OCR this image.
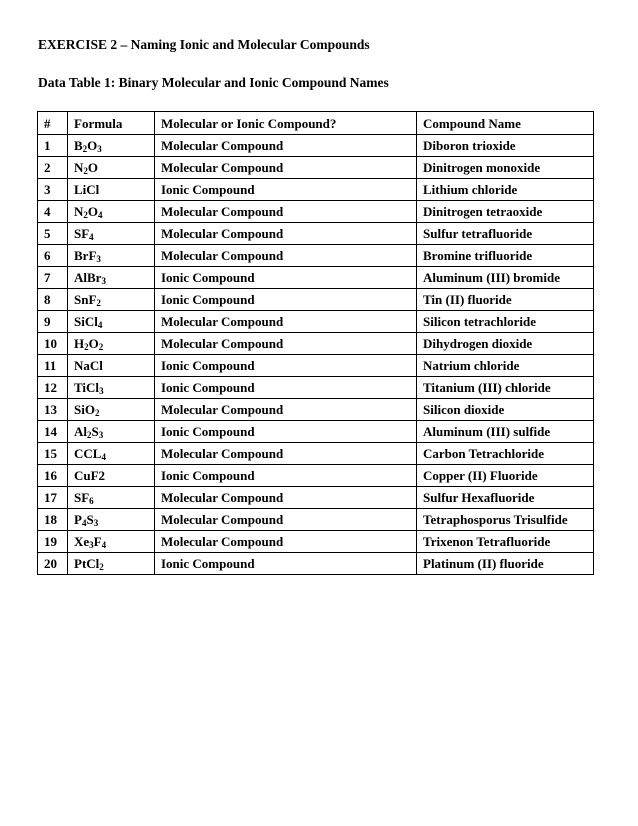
EXERCISE 2 – Naming Ionic and Molecular Compounds
Data Table 1: Binary Molecular and Ionic Compound Names
#	Formula	Molecular or Ionic Compound?	Compound Name
1	$B_2O_3$	Molecular Compound	Diboron trioxide
2	$N_2O$	Molecular Compound	Dinitrogen monoxide
3	LiCl	Ionic Compound	Lithium chloride
4	$N_2O_4$	Molecular Compound	Dinitrogen tetraoxide
5	$SF_4$	Molecular Compound	Sulfur tetrafluoride
6	BrF$_3$	Molecular Compound	Bromine trifluoride
7	AlBr$_3$	Ionic Compound	Aluminum (III) bromide
8	SnF$_2$	Ionic Compound	Tin (II) fluoride
9	SiCl$_4$	Molecular Compound	Silicon tetrachloride
10	$H_2O_2$	Molecular Compound	Dihydrogen dioxide
11	NaCl	Ionic Compound	Natrium chloride
12	TiCl$_3$	Ionic Compound	Titanium (III) chloride
13	SiO$_2$	Molecular Compound	Silicon dioxide
14	$Al_2S_3$	Ionic Compound	Aluminum (III) sulfide
15	$CCL_4$	Molecular Compound	Carbon Tetrachloride
16	CuF2	Ionic Compound	Copper (II) Fluoride
17	$SF_6$	Molecular Compound	Sulfur Hexafluoride
18	$P_4S_3$	Molecular Compound	Tetraphosporus Trisulfide
19	$Xe_3F_4$	Molecular Compound	Trixenon Tetrafluoride
20	PtCl$_2$	Ionic Compound	Platinum (II) fluoride
